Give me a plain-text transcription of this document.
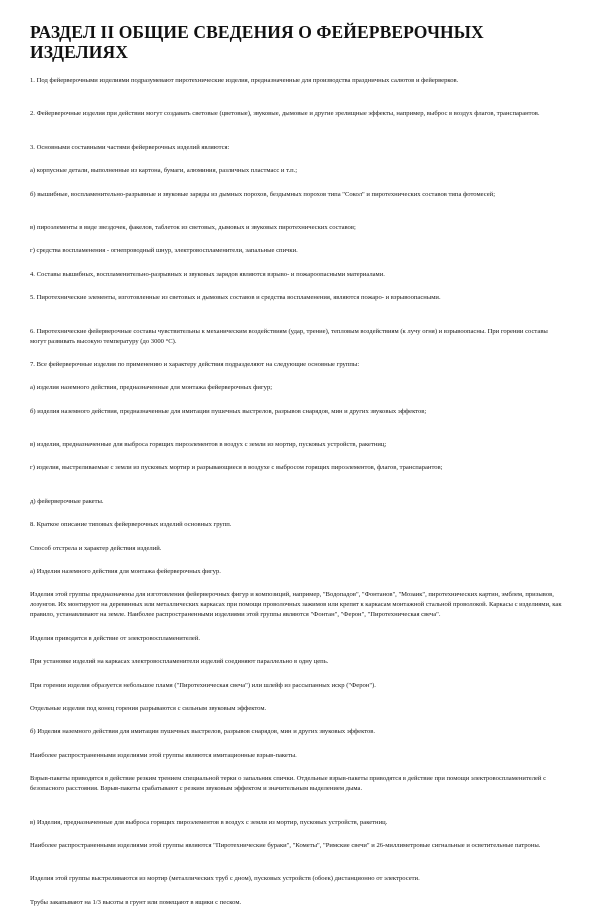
РАЗДЕЛ II ОБЩИЕ СВЕДЕНИЯ О ФЕЙЕРВЕРОЧНЫХ ИЗДЕЛИЯХ
1. Под фейерверочными изделиями подразумевают пиротехнические изделия, предназначенные для производства праздничных салютов и фейерверков.
2. Фейерверочные изделия при действии могут создавать световые (цветовые), звуковые, дымовые и другие зрелищные эффекты, например, выброс в воздух флагов, транспарантов.
3. Основными составными частями фейерверочных изделий являются:
а) корпусные детали, выполненные из картона, бумаги, алюминия, различных пластмасс и т.п.;
б) вышибные, воспламенительно-разрывные и звуковые заряды из дымных порохов, бездымных порохов типа "Сокол" и пиротехнических составов типа фотомесей;
в) пироэлементы в виде звездочек, факелов, таблеток из световых, дымовых и звуковых пиротехнических составов;
г) средства воспламенения - огнепроводный шнур, электровоспламенители, запальные спички.
4. Составы вышибных, воспламенительно-разрывных и звуковых зарядов являются взрыво- и пожароопасными материалами.
5. Пиротехнические элементы, изготовленные из световых и дымовых составов и средства воспламенения, являются пожаро- и взрывоопасными.
6. Пиротехнические фейерверочные составы чувствительны к механическим воздействиям (удар, трение), тепловым воздействиям (к лучу огня) и взрывоопасны. При горении составы могут развивать высокую температуру (до 3000 °С).
7. Все фейерверочные изделия по применению и характеру действия подразделяют на следующие основные группы:
а) изделия наземного действия, предназначенные для монтажа фейерверочных фигур;
б) изделия наземного действия, предназначенные для имитации пушечных выстрелов, разрывов снарядов, мин и других звуковых эффектов;
в) изделия, предназначенные для выброса горящих пироэлементов в воздух с земли из мортир, пусковых устройств, ракетниц;
г) изделия, выстреливаемые с земли из пусковых мортир и разрывающиеся в воздухе с выбросом горящих пироэлементов, флагов, транспарантов;
д) фейерверочные ракеты.
8. Краткое описание типовых фейерверочных изделий основных групп.
Способ отстрела и характер действия изделий.
а) Изделия наземного действия для монтажа фейерверочных фигур.
Изделия этой группы предназначены для изготовления фейерверочных фигур и композиций, например, "Водопадов", "Фонтанов", "Мозаик", пиротехнических картин, эмблем, призывов, лозунгов. Их монтируют на деревянных или металлических каркасах при помощи проволочных зажимов или крепят к каркасам монтажной стальной проволокой. Каркасы с изделиями, как правило, устанавливают на земле. Наиболее распространенными изделиями этой группы являются "Фонтан", "Ферон", "Пиротехническая свеча".
Изделия приводятся в действие от электровоспламенителей.
При установке изделий на каркасах электровоспламенители изделий соединяют параллельно в одну цепь.
При горении изделия образуется небольшое пламя ("Пиротехническая свеча") или шлейф из рассыпанных искр ("Ферон").
Отдельные изделия под конец горения разрываются с сильным звуковым эффектом.
б) Изделия наземного действия для имитации пушечных выстрелов, разрывов снарядов, мин и других звуковых эффектов.
Наиболее распространенными изделиями этой группы являются имитационные взрыв-пакеты.
Взрыв-пакеты приводятся в действие резким трением специальной терки о запальник спички. Отдельные взрыв-пакеты приводятся в действие при помощи электровоспламенителей с безопасного расстояния. Взрыв-пакеты срабатывают с резким звуковым эффектом и значительным выделением дыма.
в) Изделия, предназначенные для выброса горящих пироэлементов в воздух с земли из мортир, пусковых устройств, ракетниц.
Наиболее распространенными изделиями этой группы являются "Пиротехнические бураки", "Кометы", "Римские свечи" и 26-миллиметровые сигнальные и осветительные патроны.
Изделия этой группы выстреливаются из мортир (металлических труб с дном), пусковых устройств (обоек) дистанционно от электросети.
Трубы закапывают на 1/3 высоты в грунт или помещают в ящики с песком.
